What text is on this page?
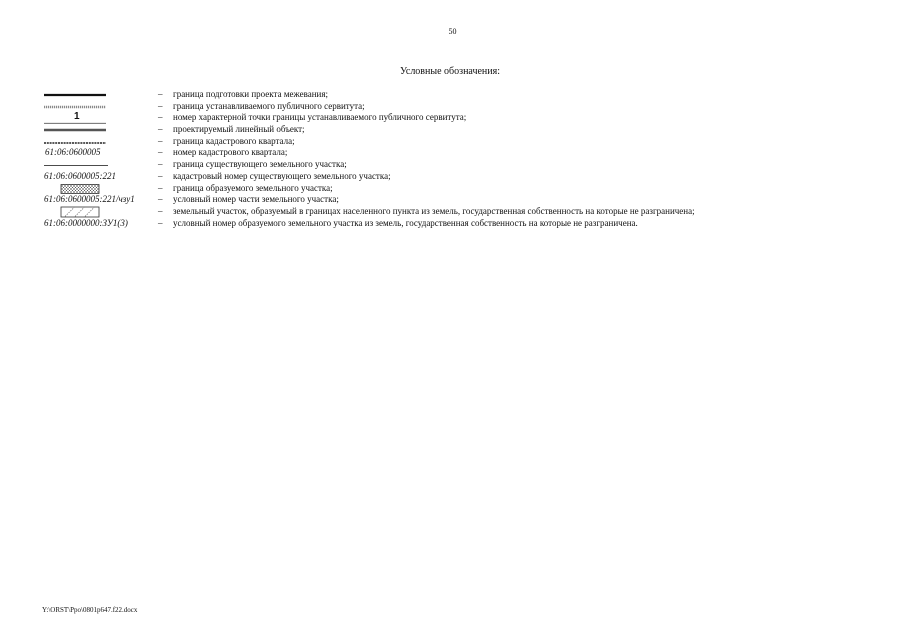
50
Условные обозначения:
– граница подготовки проекта межевания;
– граница устанавливаемого публичного сервитута;
1	– номер характерной точки границы устанавливаемого публичного сервитута;
– проектируемый линейный объект;
– граница кадастрового квартала;
61:06:0600005	– номер кадастрового квартала;
– граница существующего земельного участка;
61:06:0600005:221	– кадастровый номер существующего земельного участка;
– граница образуемого земельного участка;
61:06:0600005:221/чзу1	– условный номер части земельного участка;
– земельный участок, образуемый в границах населенного пункта из земель, государственная собственность на которые не разграничена;
61:06:0000000:ЗУ1(3)	– условный номер образуемого земельного участка из земель, государственная собственность на которые не разграничена.
Y:\ORST\Ppo\0801p647.f22.docx
